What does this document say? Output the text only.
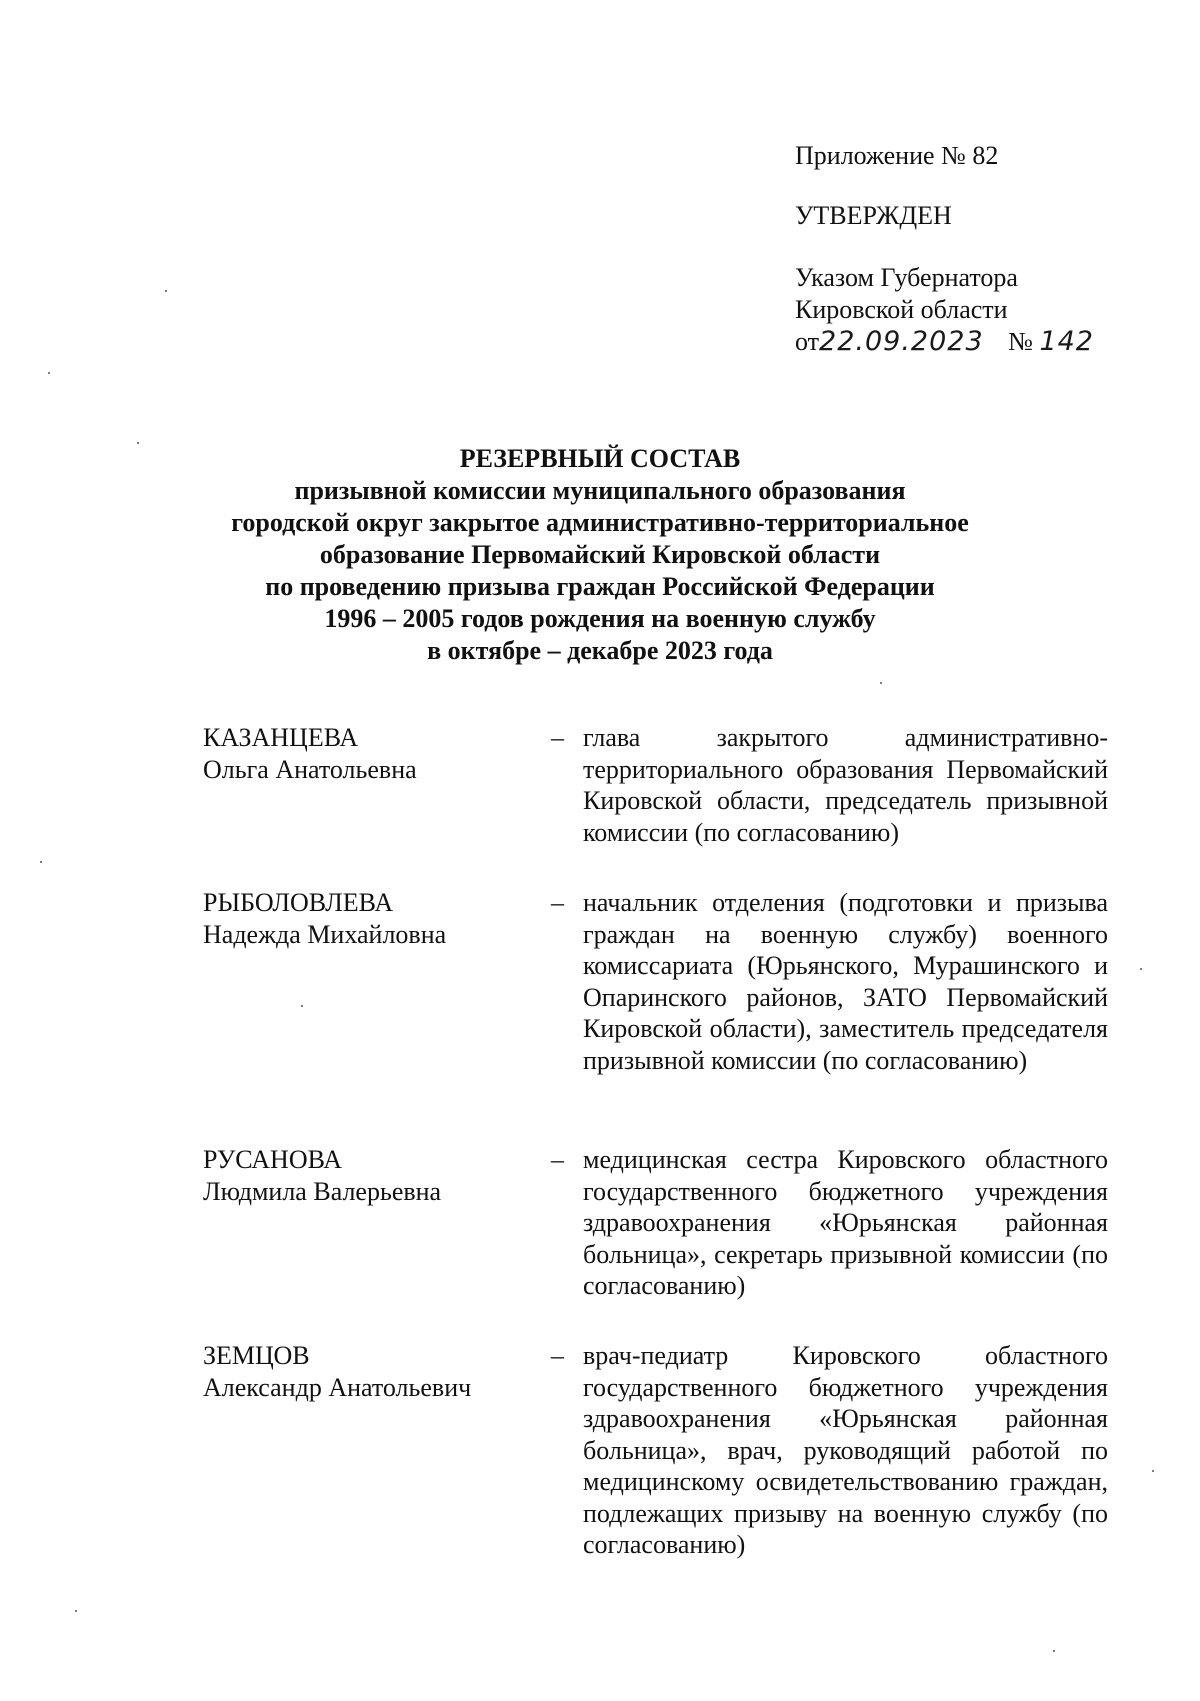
Приложение № 82
УТВЕРЖДЕН
Указом Губернатора
Кировской области
от22.09.2023 № 142
РЕЗЕРВНЫЙ СОСТАВ
призывной комиссии муниципального образования
городской округ закрытое административно-территориальное
образование Первомайский Кировской области
по проведению призыва граждан Российской Федерации
1996 – 2005 годов рождения на военную службу
в октябре – декабре 2023 года
КАЗАНЦЕВА
Ольга Анатольевна
– глава закрытого административно-территориального образования Первомайский Кировской области, председатель призывной комиссии (по согласованию)
РЫБОЛОВЛЕВА
Надежда Михайловна
– начальник отделения (подготовки и призыва граждан на военную службу) военного комиссариата (Юрьянского, Мурашинского и Опаринского районов, ЗАТО Первомайский Кировской области), заместитель председателя призывной комиссии (по согласованию)
РУСАНОВА
Людмила Валерьевна
– медицинская сестра Кировского областного государственного бюджетного учреждения здравоохранения «Юрьянская районная больница», секретарь призывной комиссии (по согласованию)
ЗЕМЦОВ
Александр Анатольевич
– врач-педиатр Кировского областного государственного бюджетного учреждения здравоохранения «Юрьянская районная больница», врач, руководящий работой по медицинскому освидетельствованию граждан, подлежащих призыву на военную службу (по согласованию)
